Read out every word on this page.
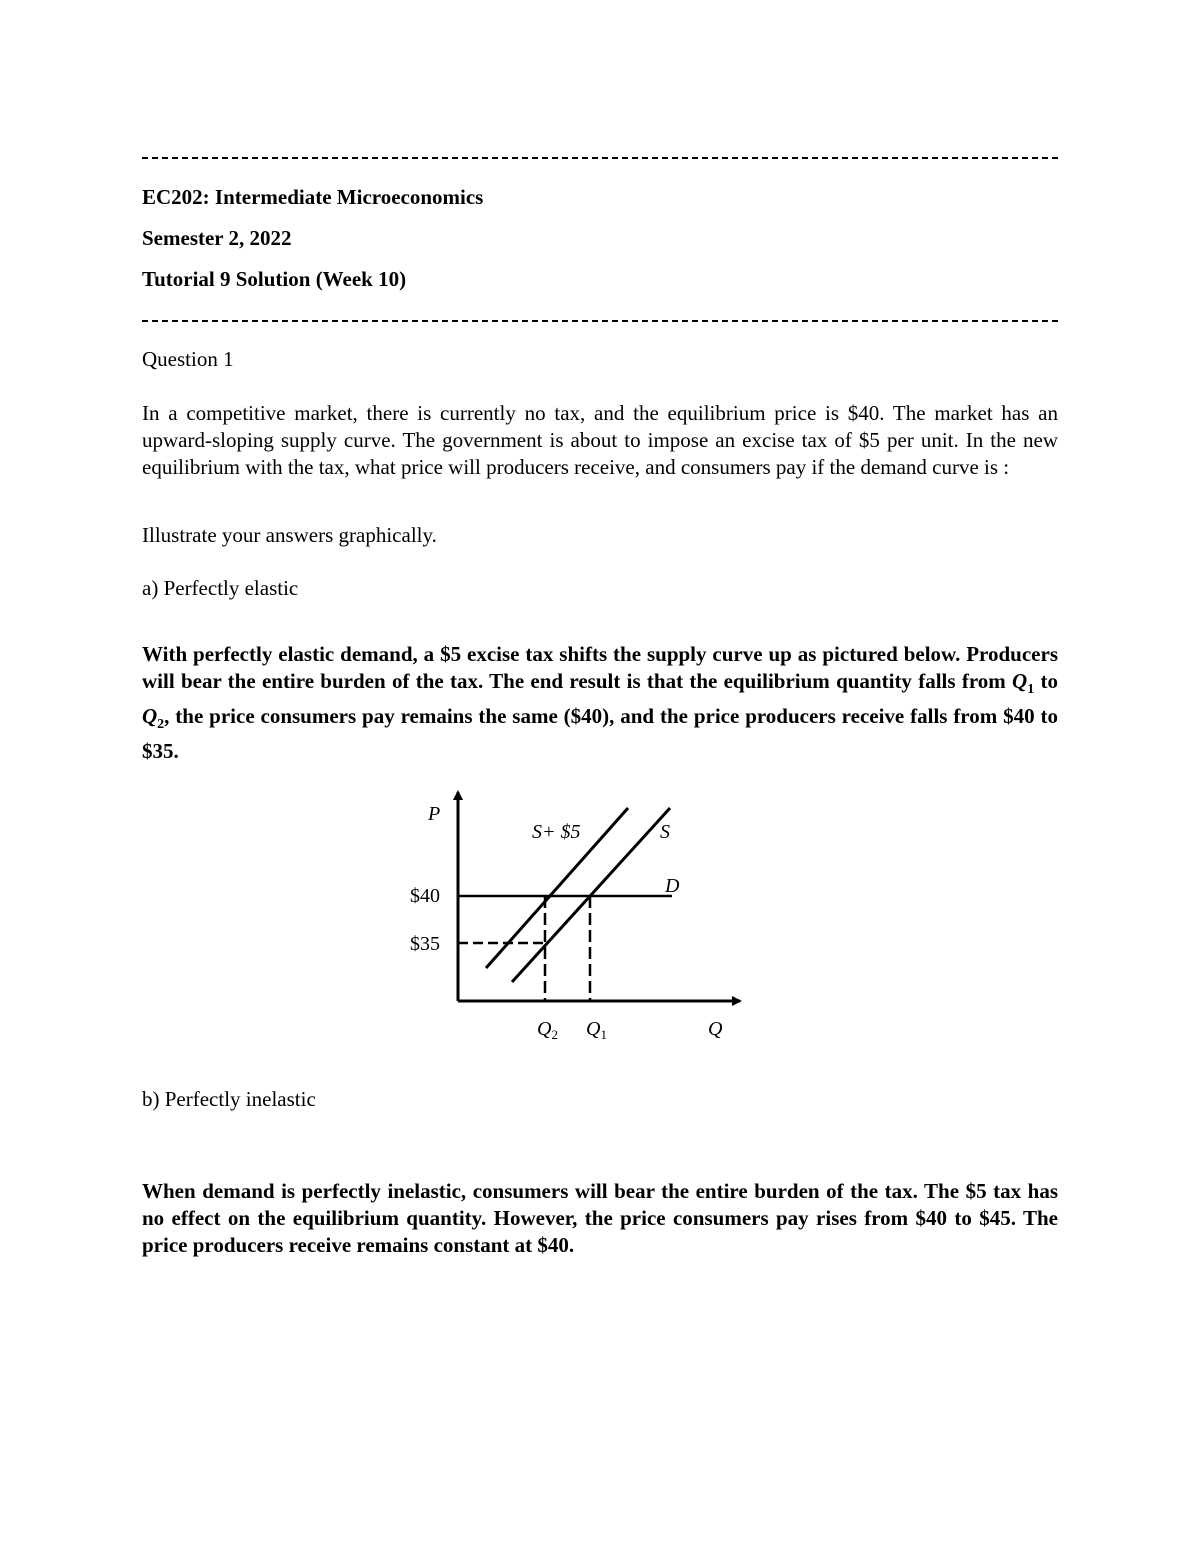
EC202: Intermediate Microeconomics
Semester 2, 2022
Tutorial 9 Solution (Week 10)
Question 1
In a competitive market, there is currently no tax, and the equilibrium price is $40. The market has an upward-sloping supply curve. The government is about to impose an excise tax of $5 per unit. In the new equilibrium with the tax, what price will producers receive, and consumers pay if the demand curve is :
Illustrate your answers graphically.
a) Perfectly elastic
With perfectly elastic demand, a $5 excise tax shifts the supply curve up as pictured below. Producers will bear the entire burden of the tax. The end result is that the equilibrium quantity falls from $Q_1$ to $Q_2$, the price consumers pay remains the same ($40), and the price producers receive falls from $40 to $35.
P
Q
$40
$35
S+ $5	S
D
$Q_2$ $Q_1$
b) Perfectly inelastic
When demand is perfectly inelastic, consumers will bear the entire burden of the tax. The $5 tax has no effect on the equilibrium quantity. However, the price consumers pay rises from $40 to $45. The price producers receive remains constant at $40.
